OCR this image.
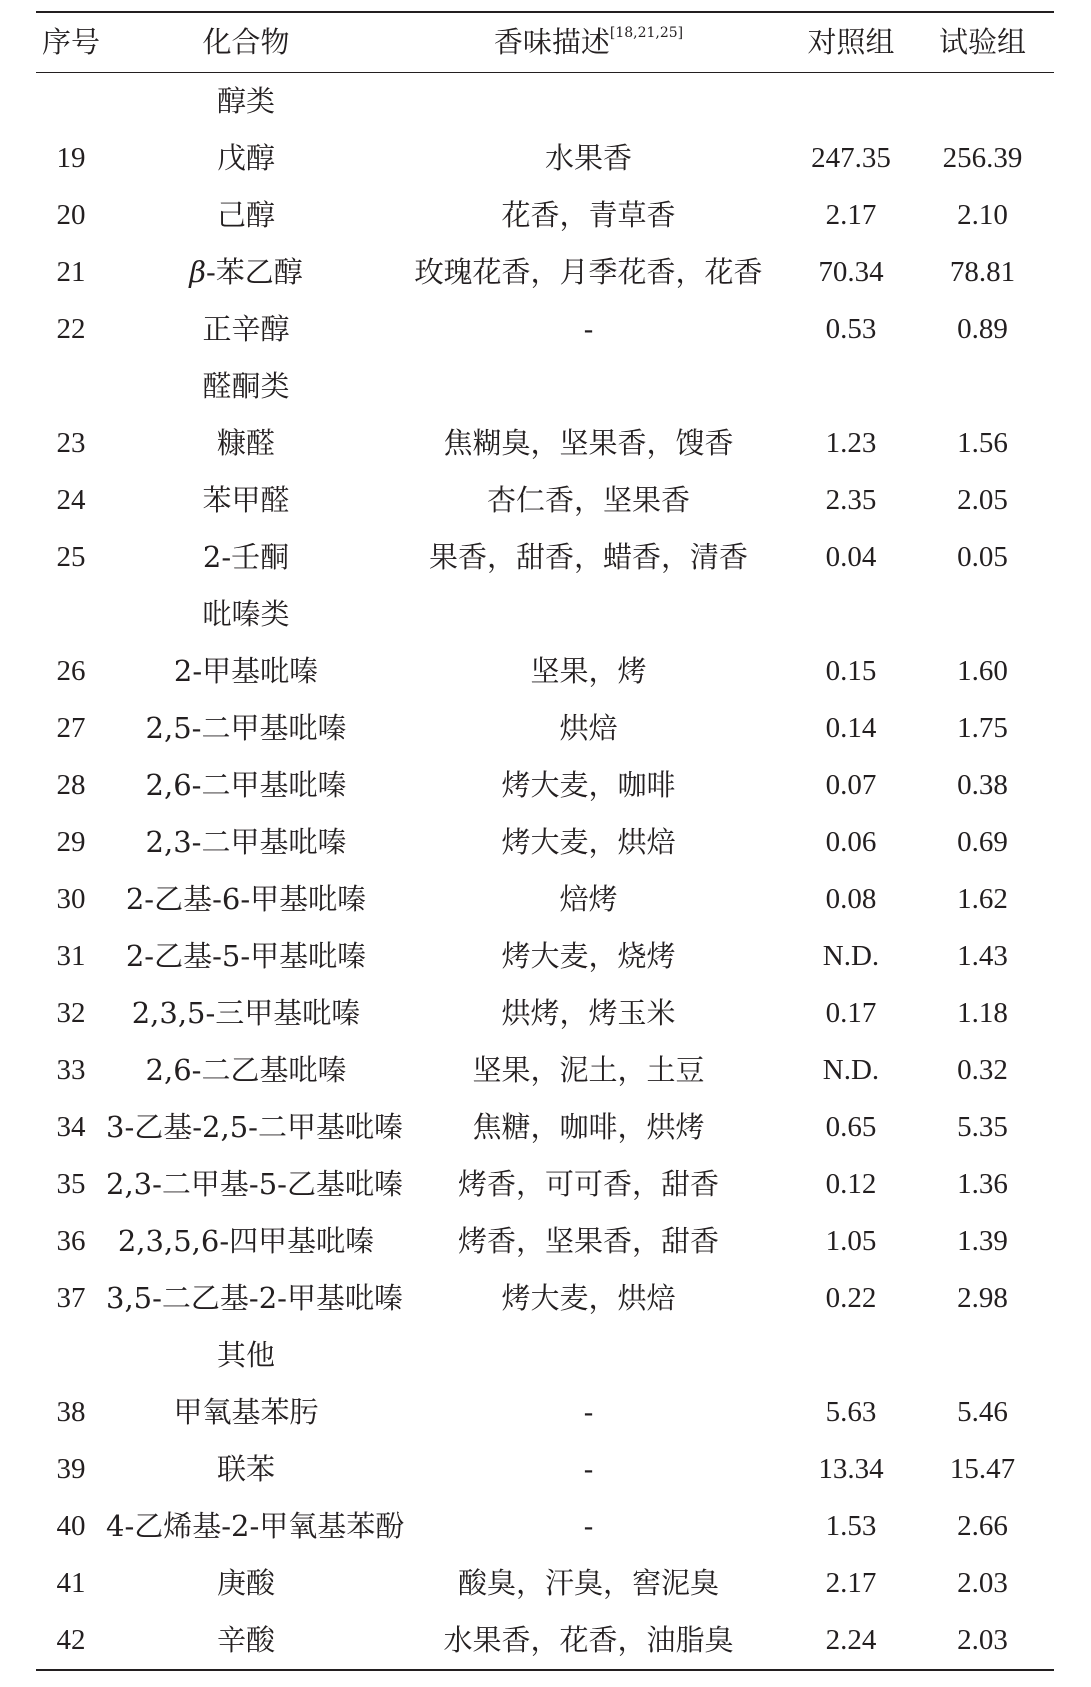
序号	化合物	香味描述[18,21,25]	对照组	试验组
	醇类			
19	戊醇	水果香	247.35	256.39
20	己醇	花香，青草香	2.17	2.10
21	β-苯乙醇	玫瑰花香，月季花香，花香	70.34	78.81
22	正辛醇	-	0.53	0.89
	醛酮类			
23	糠醛	焦糊臭，坚果香，馊香	1.23	1.56
24	苯甲醛	杏仁香，坚果香	2.35	2.05
25	2-壬酮	果香，甜香，蜡香，清香	0.04	0.05
	吡嗪类			
26	2-甲基吡嗪	坚果，烤	0.15	1.60
27	2,5-二甲基吡嗪	烘焙	0.14	1.75
28	2,6-二甲基吡嗪	烤大麦，咖啡	0.07	0.38
29	2,3-二甲基吡嗪	烤大麦，烘焙	0.06	0.69
30	2-乙基-6-甲基吡嗪	焙烤	0.08	1.62
31	2-乙基-5-甲基吡嗪	烤大麦，烧烤	N.D.	1.43
32	2,3,5-三甲基吡嗪	烘烤，烤玉米	0.17	1.18
33	2,6-二乙基吡嗪	坚果，泥土，土豆	N.D.	0.32
34	3-乙基-2,5-二甲基吡嗪	焦糖，咖啡，烘烤	0.65	5.35
35	2,3-二甲基-5-乙基吡嗪	烤香，可可香，甜香	0.12	1.36
36	2,3,5,6-四甲基吡嗪	烤香，坚果香，甜香	1.05	1.39
37	3,5-二乙基-2-甲基吡嗪	烤大麦，烘焙	0.22	2.98
	其他			
38	甲氧基苯肟	-	5.63	5.46
39	联苯	-	13.34	15.47
40	4-乙烯基-2-甲氧基苯酚	-	1.53	2.66
41	庚酸	酸臭，汗臭，窖泥臭	2.17	2.03
42	辛酸	水果香，花香，油脂臭	2.24	2.03
